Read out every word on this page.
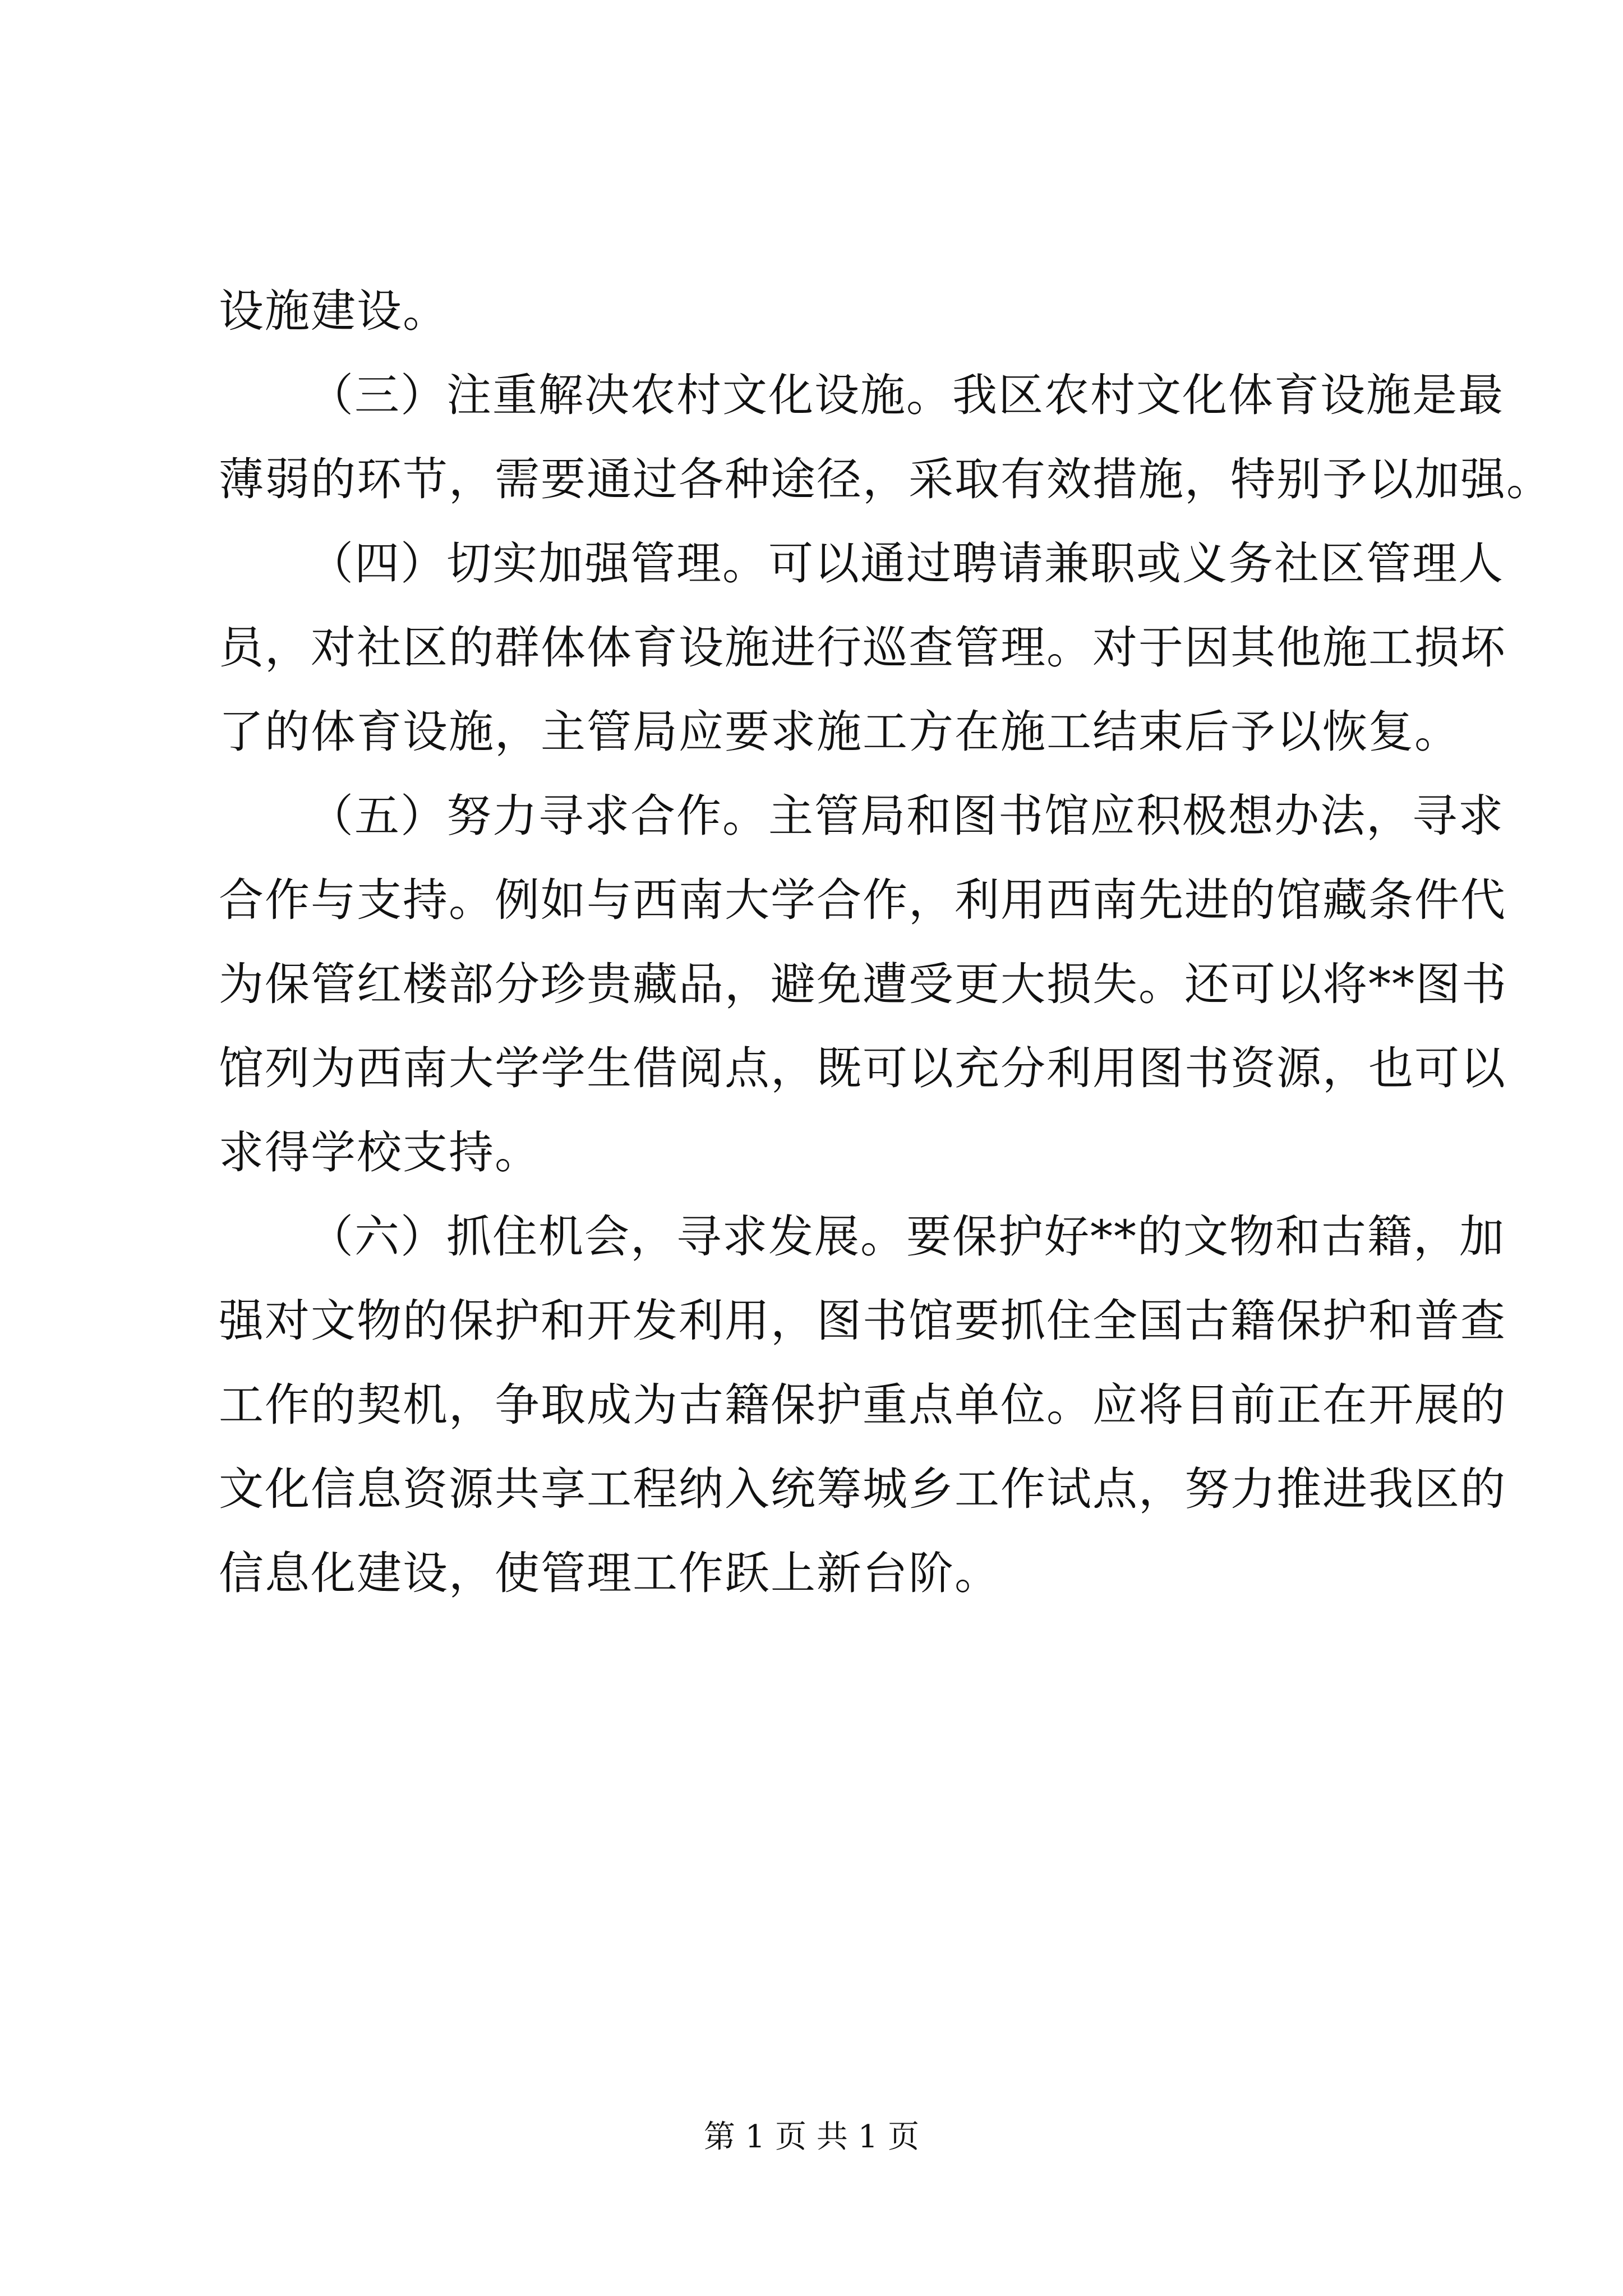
设施建设。
（三）注重解决农村文化设施。我区农村文化体育设施是最
薄弱的环节，需要通过各种途径，采取有效措施，特别予以加强。
（四）切实加强管理。可以通过聘请兼职或义务社区管理人
员，对社区的群体体育设施进行巡查管理。对于因其他施工损坏
了的体育设施，主管局应要求施工方在施工结束后予以恢复。
（五）努力寻求合作。主管局和图书馆应积极想办法，寻求
合作与支持。例如与西南大学合作，利用西南先进的馆藏条件代
为保管红楼部分珍贵藏品，避免遭受更大损失。还可以将**图书
馆列为西南大学学生借阅点，既可以充分利用图书资源，也可以
求得学校支持。
（六）抓住机会，寻求发展。要保护好**的文物和古籍，加
强对文物的保护和开发利用，图书馆要抓住全国古籍保护和普查
工作的契机，争取成为古籍保护重点单位。应将目前正在开展的
文化信息资源共享工程纳入统筹城乡工作试点，努力推进我区的
信息化建设，使管理工作跃上新台阶。
第 1 页 共 1 页
